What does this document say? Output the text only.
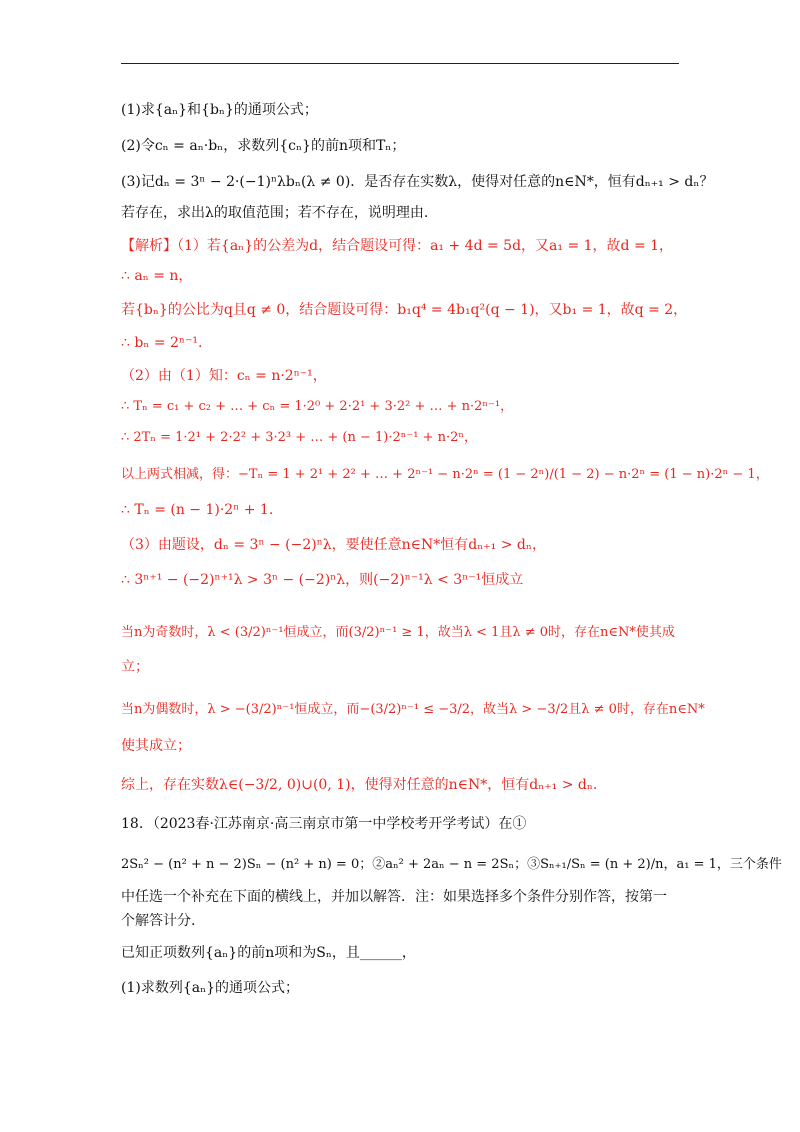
(1)求{aₙ}和{bₙ}的通项公式；
(2)令cₙ = aₙ·bₙ，求数列{cₙ}的前n项和Tₙ；
(3)记dₙ = 3ⁿ − 2·(−1)ⁿλbₙ(λ ≠ 0)．是否存在实数λ，使得对任意的n∈N*，恒有dₙ₊₁ > dₙ？
若存在，求出λ的取值范围；若不存在，说明理由.
【解析】（1）若{aₙ}的公差为d，结合题设可得：a₁ + 4d = 5d，又a₁ = 1，故d = 1，
∴ aₙ = n，
若{bₙ}的公比为q且q ≠ 0，结合题设可得：b₁q⁴ = 4b₁q²(q − 1)，又b₁ = 1，故q = 2，
∴ bₙ = 2ⁿ⁻¹.
（2）由（1）知：cₙ = n·2ⁿ⁻¹，
∴ Tₙ = c₁ + c₂ + … + cₙ = 1·2⁰ + 2·2¹ + 3·2² + … + n·2ⁿ⁻¹，
∴ 2Tₙ = 1·2¹ + 2·2² + 3·2³ + … + (n − 1)·2ⁿ⁻¹ + n·2ⁿ，
以上两式相减，得：−Tₙ = 1 + 2¹ + 2² + … + 2ⁿ⁻¹ − n·2ⁿ = (1 − 2ⁿ)/(1 − 2) − n·2ⁿ = (1 − n)·2ⁿ − 1，
∴ Tₙ = (n − 1)·2ⁿ + 1.
（3）由题设，dₙ = 3ⁿ − (−2)ⁿλ，要使任意n∈N*恒有dₙ₊₁ > dₙ，
∴ 3ⁿ⁺¹ − (−2)ⁿ⁺¹λ > 3ⁿ − (−2)ⁿλ，则(−2)ⁿ⁻¹λ < 3ⁿ⁻¹恒成立
当n为奇数时，λ < (3/2)ⁿ⁻¹恒成立，而(3/2)ⁿ⁻¹ ≥ 1，故当λ < 1且λ ≠ 0时，存在n∈N*使其成
立；
当n为偶数时，λ > −(3/2)ⁿ⁻¹恒成立，而−(3/2)ⁿ⁻¹ ≤ −3/2，故当λ > −3/2且λ ≠ 0时，存在n∈N*
使其成立；
综上，存在实数λ∈(−3/2, 0)∪(0, 1)，使得对任意的n∈N*，恒有dₙ₊₁ > dₙ.
18．（2023春·江苏南京·高三南京市第一中学校考开学考试）在①
2Sₙ² − (n² + n − 2)Sₙ − (n² + n) = 0；②aₙ² + 2aₙ − n = 2Sₙ；③Sₙ₊₁/Sₙ = (n + 2)/n，a₁ = 1，三个条件
中任选一个补充在下面的横线上，并加以解答．注：如果选择多个条件分别作答，按第一
个解答计分.
已知正项数列{aₙ}的前n项和为Sₙ，且______，
(1)求数列{aₙ}的通项公式；
